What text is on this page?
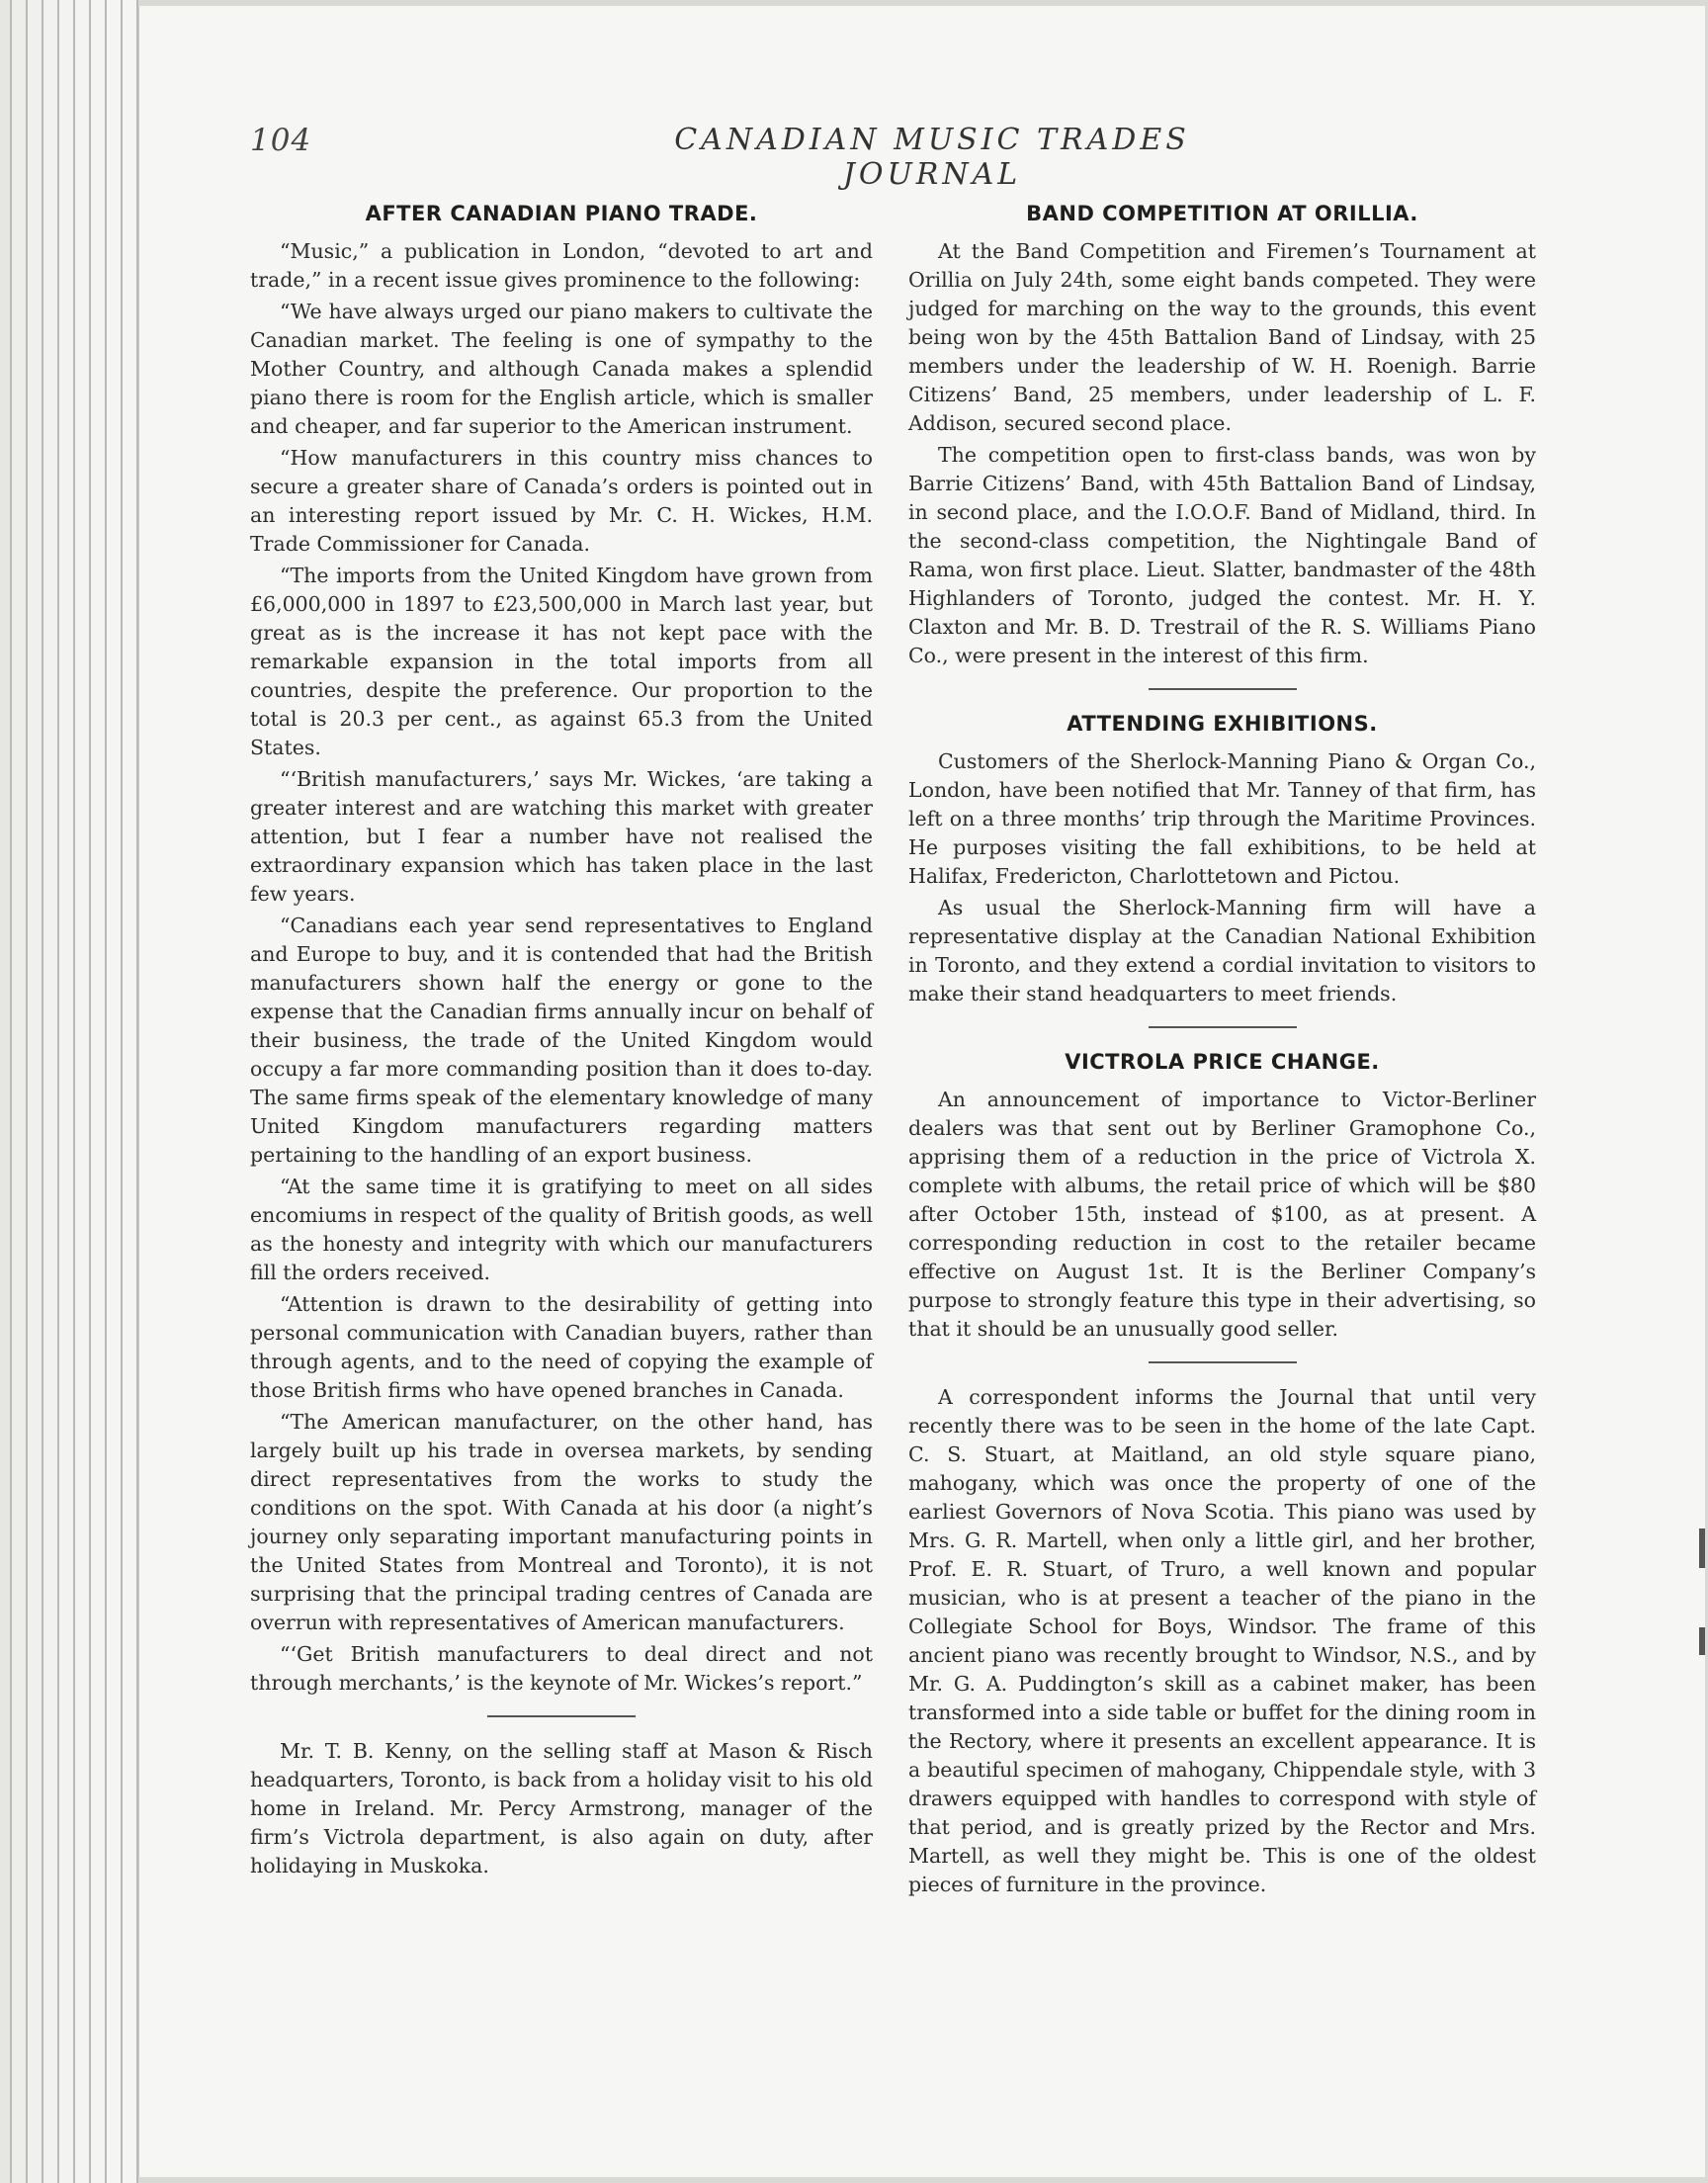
104	CANADIAN MUSIC TRADES JOURNAL
AFTER CANADIAN PIANO TRADE.

“Music,” a publication in London, “devoted to art and trade,” in a recent issue gives prominence to the following:

“We have always urged our piano makers to cultivate the Canadian market. The feeling is one of sympathy to the Mother Country, and although Canada makes a splendid piano there is room for the English article, which is smaller and cheaper, and far superior to the American instrument.

“How manufacturers in this country miss chances to secure a greater share of Canada’s orders is pointed out in an interesting report issued by Mr. C. H. Wickes, H.M. Trade Commissioner for Canada.

“The imports from the United Kingdom have grown from £6,000,000 in 1897 to £23,500,000 in March last year, but great as is the increase it has not kept pace with the remarkable expansion in the total imports from all countries, despite the preference. Our proportion to the total is 20.3 per cent., as against 65.3 from the United States.

“‘British manufacturers,’ says Mr. Wickes, ‘are taking a greater interest and are watching this market with greater attention, but I fear a number have not realised the extraordinary expansion which has taken place in the last few years.

“Canadians each year send representatives to England and Europe to buy, and it is contended that had the British manufacturers shown half the energy or gone to the expense that the Canadian firms annually incur on behalf of their business, the trade of the United Kingdom would occupy a far more commanding position than it does to-day. The same firms speak of the elementary knowledge of many United Kingdom manufacturers regarding matters pertaining to the handling of an export business.

“At the same time it is gratifying to meet on all sides encomiums in respect of the quality of British goods, as well as the honesty and integrity with which our manufacturers fill the orders received.

“Attention is drawn to the desirability of getting into personal communication with Canadian buyers, rather than through agents, and to the need of copying the example of those British firms who have opened branches in Canada.

“The American manufacturer, on the other hand, has largely built up his trade in oversea markets, by sending direct representatives from the works to study the conditions on the spot. With Canada at his door (a night’s journey only separating important manufacturing points in the United States from Montreal and Toronto), it is not surprising that the principal trading centres of Canada are overrun with representatives of American manufacturers.

“‘Get British manufacturers to deal direct and not through merchants,’ is the keynote of Mr. Wickes’s report.”

Mr. T. B. Kenny, on the selling staff at Mason & Risch headquarters, Toronto, is back from a holiday visit to his old home in Ireland. Mr. Percy Armstrong, manager of the firm’s Victrola department, is also again on duty, after holidaying in Muskoka.

BAND COMPETITION AT ORILLIA.

At the Band Competition and Firemen’s Tournament at Orillia on July 24th, some eight bands competed. They were judged for marching on the way to the grounds, this event being won by the 45th Battalion Band of Lindsay, with 25 members under the leadership of W. H. Roenigh. Barrie Citizens’ Band, 25 members, under leadership of L. F. Addison, secured second place.

The competition open to first-class bands, was won by Barrie Citizens’ Band, with 45th Battalion Band of Lindsay, in second place, and the I.O.O.F. Band of Midland, third. In the second-class competition, the Nightingale Band of Rama, won first place. Lieut. Slatter, bandmaster of the 48th Highlanders of Toronto, judged the contest. Mr. H. Y. Claxton and Mr. B. D. Trestrail of the R. S. Williams Piano Co., were present in the interest of this firm.

ATTENDING EXHIBITIONS.

Customers of the Sherlock-Manning Piano & Organ Co., London, have been notified that Mr. Tanney of that firm, has left on a three months’ trip through the Maritime Provinces. He purposes visiting the fall exhibitions, to be held at Halifax, Fredericton, Charlottetown and Pictou.

As usual the Sherlock-Manning firm will have a representative display at the Canadian National Exhibition in Toronto, and they extend a cordial invitation to visitors to make their stand headquarters to meet friends.

VICTROLA PRICE CHANGE.

An announcement of importance to Victor-Berliner dealers was that sent out by Berliner Gramophone Co., apprising them of a reduction in the price of Victrola X. complete with albums, the retail price of which will be $80 after October 15th, instead of $100, as at present. A corresponding reduction in cost to the retailer became effective on August 1st. It is the Berliner Company’s purpose to strongly feature this type in their advertising, so that it should be an unusually good seller.

A correspondent informs the Journal that until very recently there was to be seen in the home of the late Capt. C. S. Stuart, at Maitland, an old style square piano, mahogany, which was once the property of one of the earliest Governors of Nova Scotia. This piano was used by Mrs. G. R. Martell, when only a little girl, and her brother, Prof. E. R. Stuart, of Truro, a well known and popular musician, who is at present a teacher of the piano in the Collegiate School for Boys, Windsor. The frame of this ancient piano was recently brought to Windsor, N.S., and by Mr. G. A. Puddington’s skill as a cabinet maker, has been transformed into a side table or buffet for the dining room in the Rectory, where it presents an excellent appearance. It is a beautiful specimen of mahogany, Chippendale style, with 3 drawers equipped with handles to correspond with style of that period, and is greatly prized by the Rector and Mrs. Martell, as well they might be. This is one of the oldest pieces of furniture in the province.
